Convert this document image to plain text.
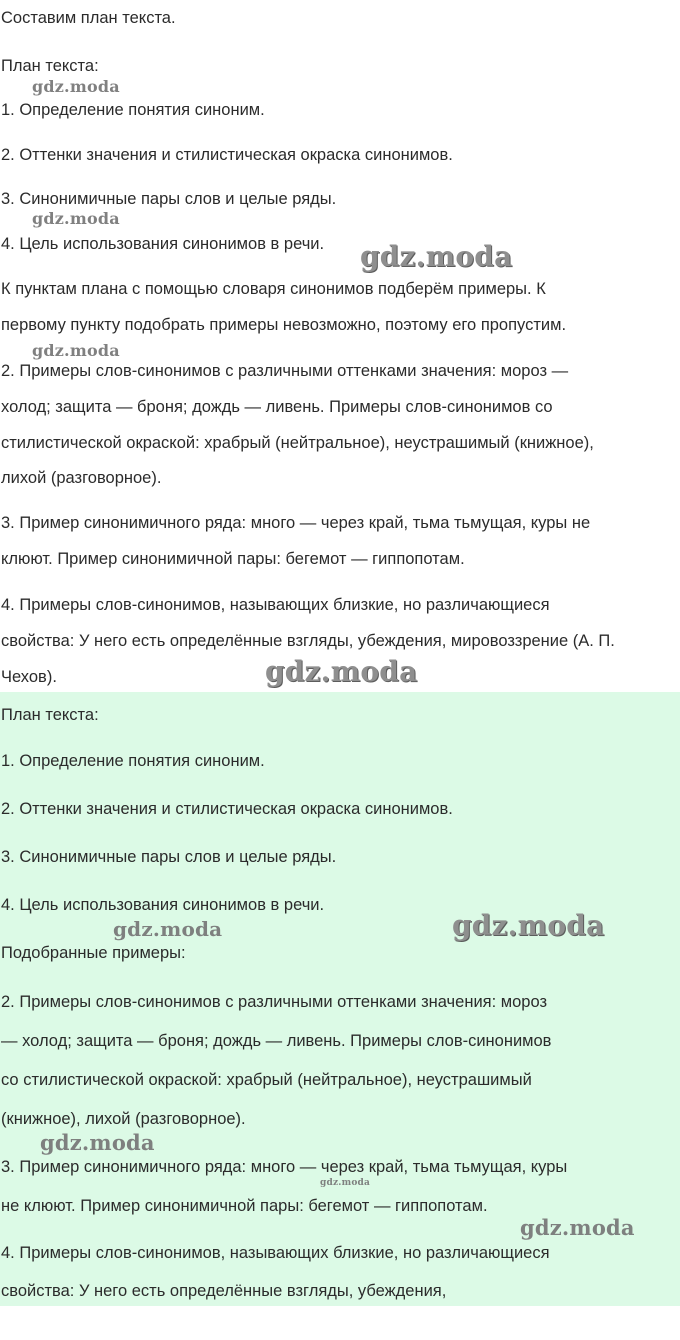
Составим план текста.
План текста:
1. Определение понятия синоним.
2. Оттенки значения и стилистическая окраска синонимов.
3. Синонимичные пары слов и целые ряды.
4. Цель использования синонимов в речи.
К пунктам плана с помощью словаря синонимов подберём примеры. К
первому пункту подобрать примеры невозможно, поэтому его пропустим.
2. Примеры слов-синонимов с различными оттенками значения: мороз —
холод; защита — броня; дождь — ливень. Примеры слов-синонимов со
стилистической окраской: храбрый (нейтральное), неустрашимый (книжное),
лихой (разговорное).
3. Пример синонимичного ряда: много — через край, тьма тьмущая, куры не
клюют. Пример синонимичной пары: бегемот — гиппопотам.
4. Примеры слов-синонимов, называющих близкие, но различающиеся
свойства: У него есть определённые взгляды, убеждения, мировоззрение (А. П.
Чехов).
План текста:
1. Определение понятия синоним.
2. Оттенки значения и стилистическая окраска синонимов.
3. Синонимичные пары слов и целые ряды.
4. Цель использования синонимов в речи.
Подобранные примеры:
2. Примеры слов-синонимов с различными оттенками значения: мороз
— холод; защита — броня; дождь — ливень. Примеры слов-синонимов
со стилистической окраской: храбрый (нейтральное), неустрашимый
(книжное), лихой (разговорное).
3. Пример синонимичного ряда: много — через край, тьма тьмущая, куры
не клюют. Пример синонимичной пары: бегемот — гиппопотам.
4. Примеры слов-синонимов, называющих близкие, но различающиеся
свойства: У него есть определённые взгляды, убеждения,
gdz.moda
gdz.moda
gdz.moda
gdz.moda
gdz.moda
gdz.moda
gdz.moda
gdz.moda
gdz.moda
gdz.moda
